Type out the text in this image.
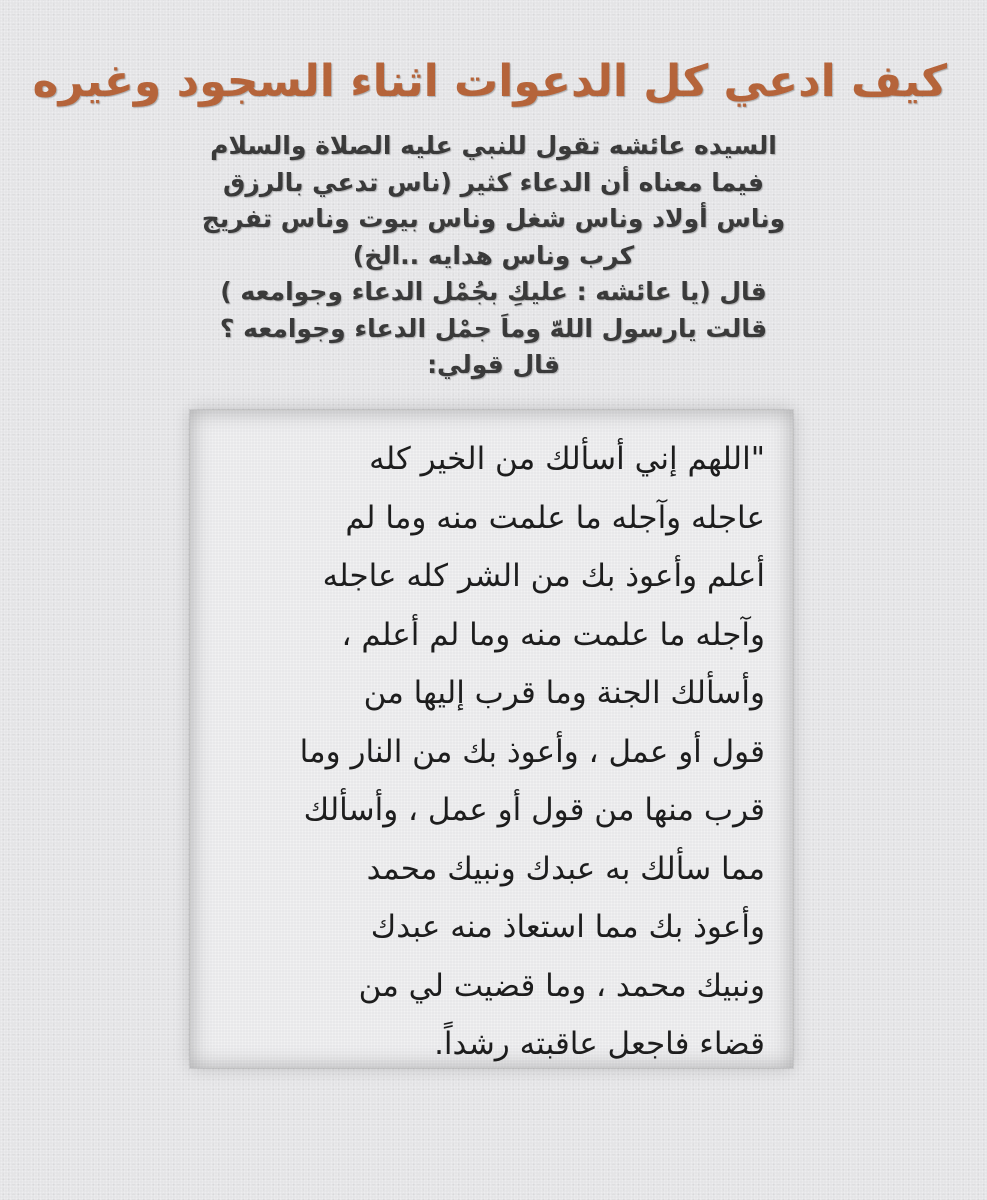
كيف ادعي كل الدعوات اثناء السجود وغيره
السيده عائشه تقول للنبي عليه الصلاة والسلام
فيما معناه أن الدعاء كثير (ناس تدعي بالرزق
وناس أولاد وناس شغل وناس بيوت وناس تفريج
كرب وناس هدايه ..الخ)
قال (يا عائشه : عليكِ بجُمْل الدعاء وجوامعه )
قالت يارسول اللهّ وماَ جمْل الدعاء وجوامعه ؟
قال قولي:
"اللهم إني أسألك من الخير كله
عاجله وآجله ما علمت منه وما لم
أعلم وأعوذ بك من الشر كله عاجله
وآجله ما علمت منه وما لم أعلم ،
وأسألك الجنة وما قرب إليها من
قول أو عمل ، وأعوذ بك من النار وما
قرب منها من قول أو عمل ، وأسألك
مما سألك به عبدك ونبيك محمد
وأعوذ بك مما استعاذ منه عبدك
ونبيك محمد ، وما قضيت لي من
قضاء فاجعل عاقبته رشداً.
